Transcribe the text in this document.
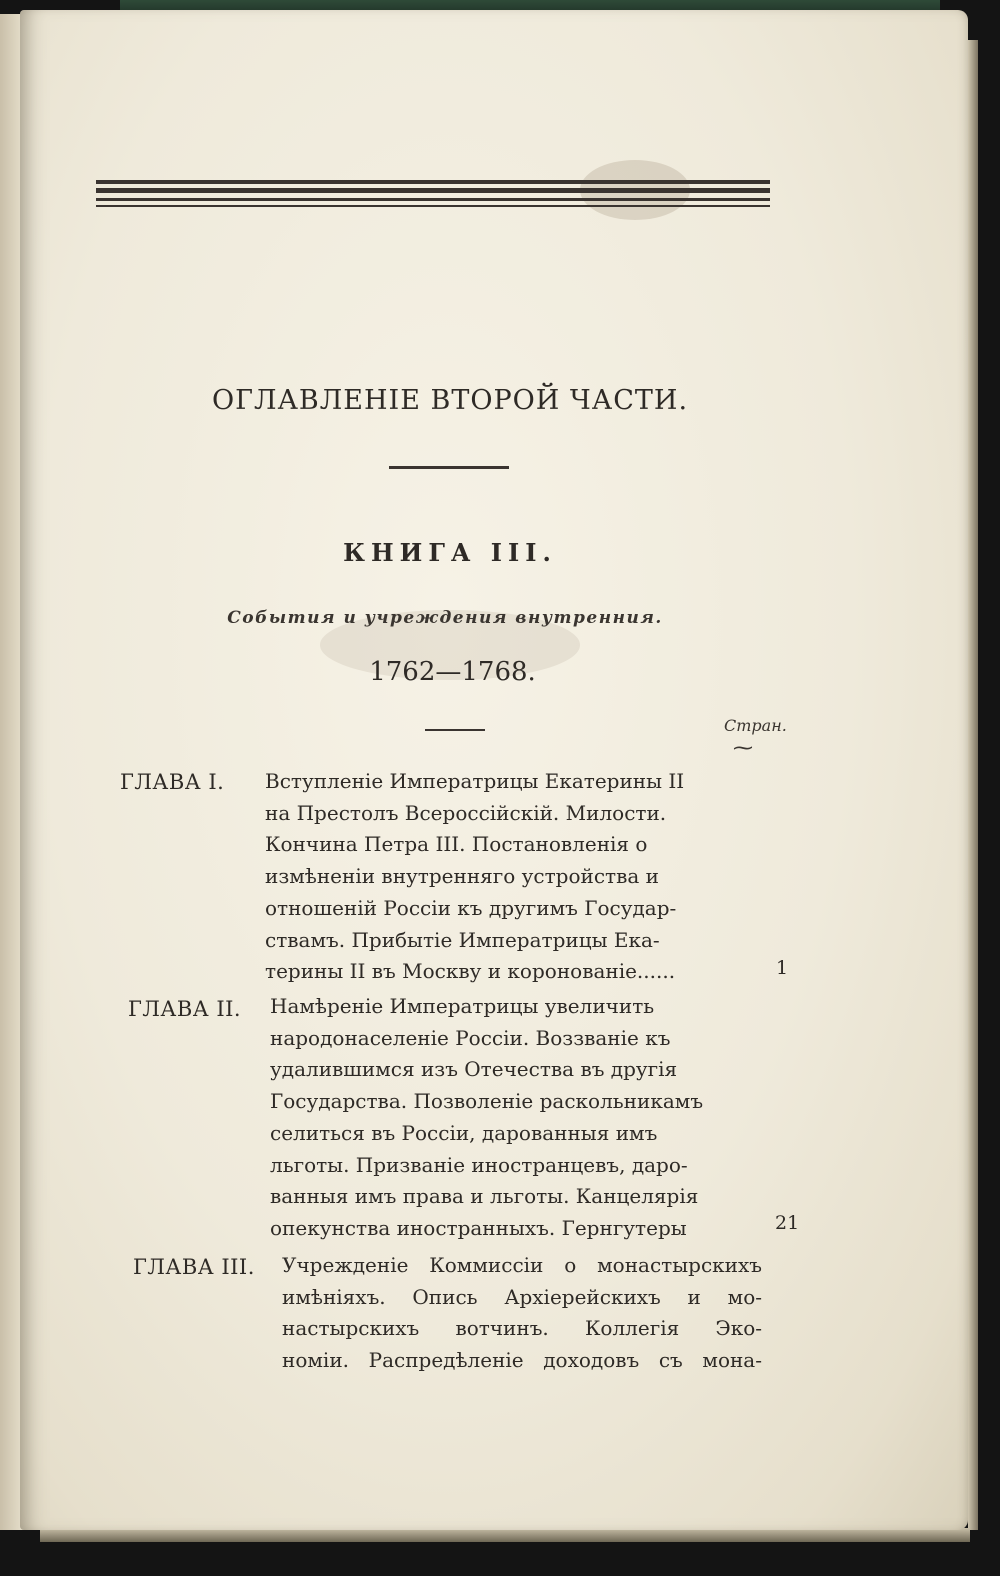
ОГЛАВЛЕНІЕ ВТОРОЙ ЧАСТИ.
КНИГА III.
События и учреждения внутренния.
1762—1768.
Стран.
⁓
ГЛАВА I. Вступленіе Императрицы Екатерины II
на Престолъ Всероссійскій. Милости.
Кончина Петра III. Постановленія о
измѣненіи внутренняго устройства и
отношеній Россіи къ другимъ Государ-
ствамъ. Прибытіе Императрицы Ека-
терины II въ Москву и коронованіе......	1
ГЛАВА II. Намѣреніе Императрицы увеличить
народонаселеніе Россіи. Воззваніе къ
удалившимся изъ Отечества въ другія
Государства. Позволеніе раскольникамъ
селиться въ Россіи, дарованныя имъ
льготы. Призваніе иностранцевъ, даро-
ванныя имъ права и льготы. Канцелярія
опекунства иностранныхъ. Гернгутеры	21
ГЛАВА III. Учрежденіе Коммиссіи о монастырскихъ
имѣніяхъ. Опись Архіерейскихъ и мо-
настырскихъ вотчинъ. Коллегія Эко-
номіи. Распредѣленіе доходовъ съ мона-
